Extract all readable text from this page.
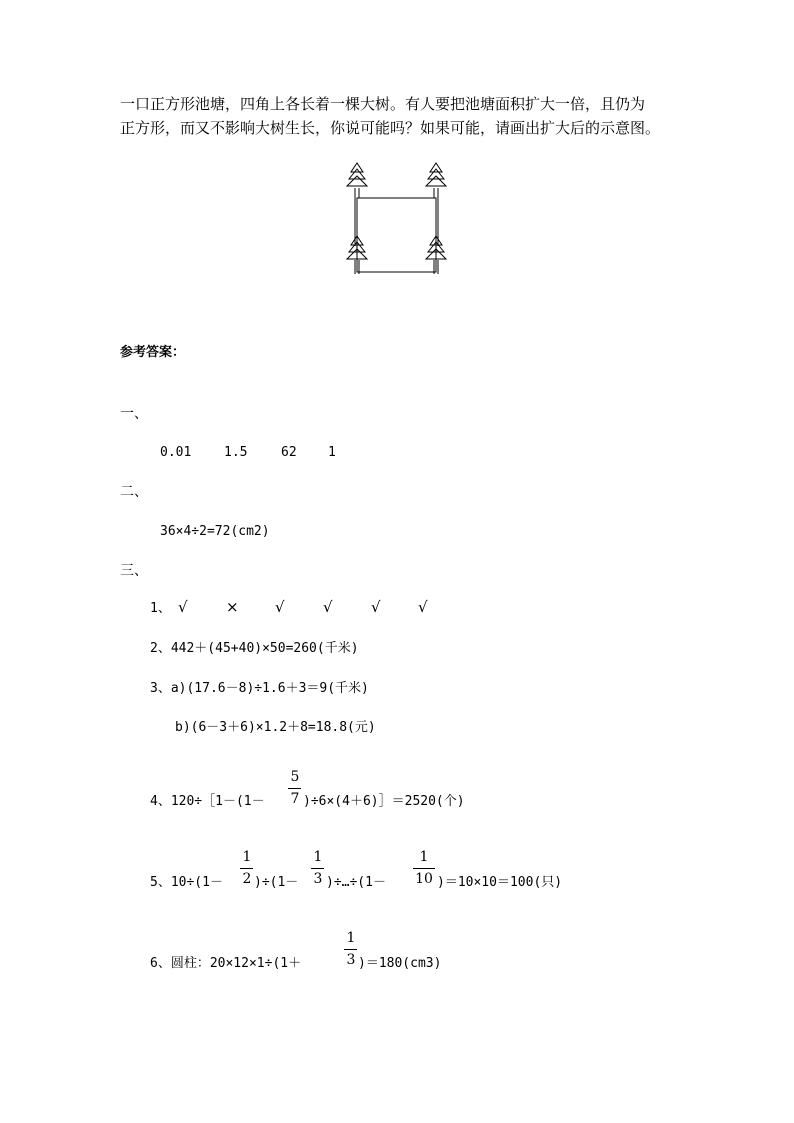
一口正方形池塘，四角上各长着一棵大树。有人要把池塘面积扩大一倍，且仍为
正方形，而又不影响大树生长，你说可能吗？如果可能，请画出扩大后的示意图。
参考答案：
一、
0.01	1.5	62 1
二、
36×4÷2=72(cm2)
三、
1、 √	× √	√	√ √
2、442＋(45+40)×50=260(千米)
3、a)(17.6－8)÷1.6＋3＝9(千米)
b)(6－3＋6)×1.2＋8=18.8(元)
4、120÷［1－(1－
5
7 )÷6×(4＋6)］＝2520(个)
5、10÷(1－
1
2 )÷(1－
1
3 )÷…÷(1－
1
10 )＝10×10＝100(只)
6、圆柱：20×12×1÷(1＋
1
3 )＝180(cm3)
